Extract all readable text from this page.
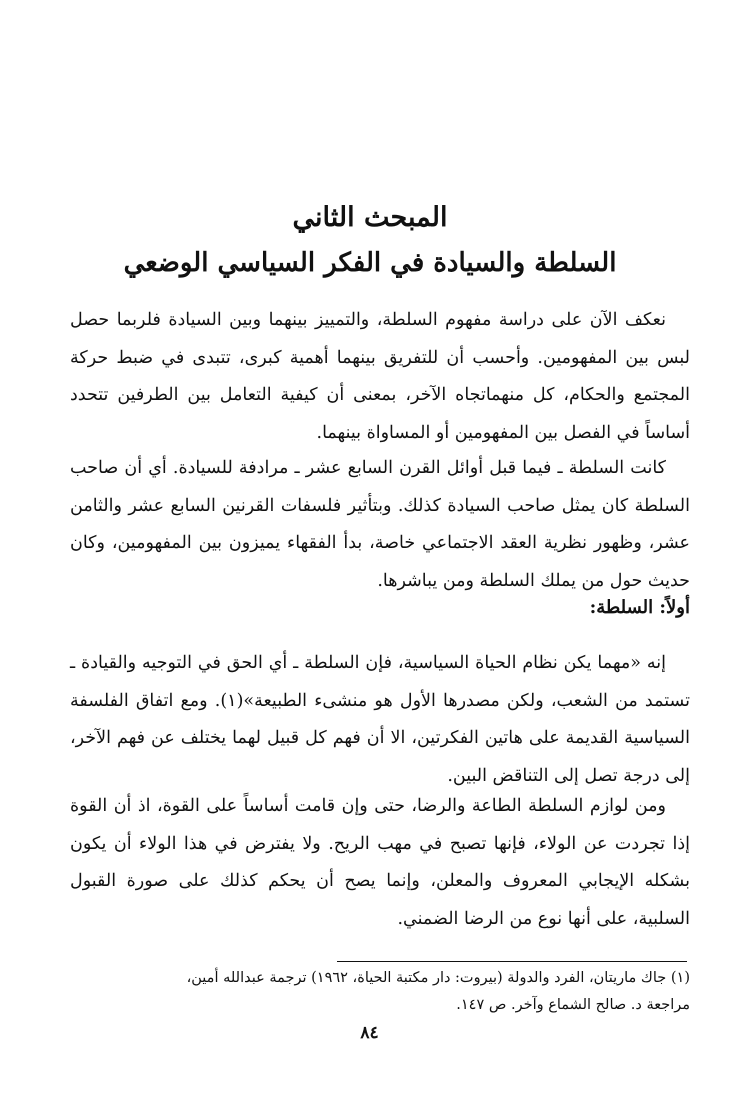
المبحث الثاني
السلطة والسيادة في الفكر السياسي الوضعي

نعكف الآن على دراسة مفهوم السلطة، والتمييز بينهما وبين السيادة فلربما حصل لبس بين المفهومين. وأحسب أن للتفريق بينهما أهمية كبرى، تتبدى في ضبط حركة المجتمع والحكام، كل منهماتجاه الآخر، بمعنى أن كيفية التعامل بين الطرفين تتحدد أساساً في الفصل بين المفهومين أو المساواة بينهما.

كانت السلطة ـ فيما قبل أوائل القرن السابع عشر ـ مرادفة للسيادة. أي أن صاحب السلطة كان يمثل صاحب السيادة كذلك. وبتأثير فلسفات القرنين السابع عشر والثامن عشر، وظهور نظرية العقد الاجتماعي خاصة، بدأ الفقهاء يميزون بين المفهومين، وكان حديث حول من يملك السلطة ومن يباشرها.

أولاً: السلطة:

إنه «مهما يكن نظام الحياة السياسية، فإن السلطة ـ أي الحق في التوجيه والقيادة ـ تستمد من الشعب، ولكن مصدرها الأول هو منشىء الطبيعة»(١). ومع اتفاق الفلسفة السياسية القديمة على هاتين الفكرتين، الا أن فهم كل قبيل لهما يختلف عن فهم الآخر، إلى درجة تصل إلى التناقض البين.

ومن لوازم السلطة الطاعة والرضا، حتى وإن قامت أساساً على القوة، اذ أن القوة إذا تجردت عن الولاء، فإنها تصبح في مهب الريح. ولا يفترض في هذا الولاء أن يكون بشكله الإيجابي المعروف والمعلن، وإنما يصح أن يحكم كذلك على صورة القبول السلبية، على أنها نوع من الرضا الضمني.

(١) جاك ماريتان، الفرد والدولة (بيروت: دار مكتبة الحياة، ١٩٦٢) ترجمة عبدالله أمين،
مراجعة د. صالح الشماع وآخر. ص ١٤٧.
٨٤
